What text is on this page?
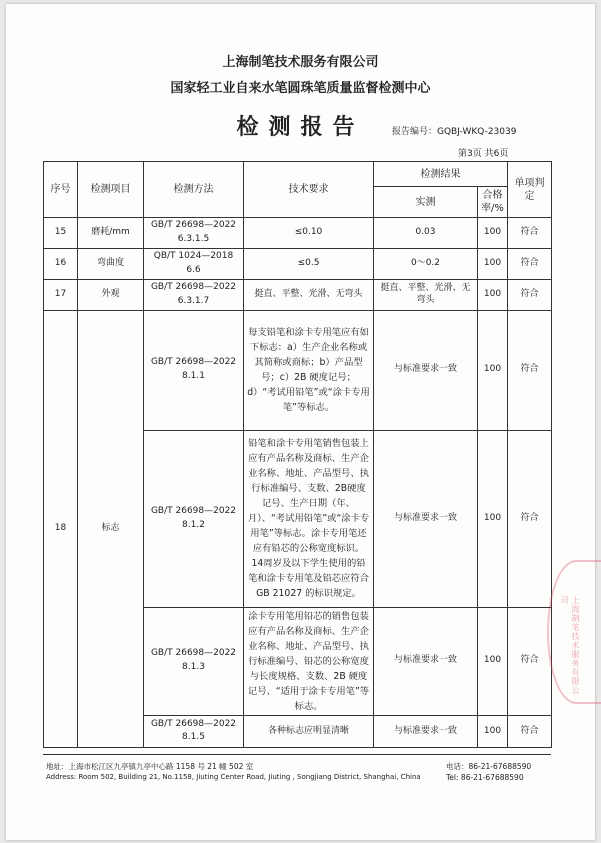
上海制笔技术服务有限公司
国家轻工业自来水笔圆珠笔质量监督检测中心
检测报告	报告编号：GQBJ-WKQ-23039
第3页 共6页
序号	检测项目	检测方法	技术要求	检测结果		单项判定
				实测	合格率/%	
15	磨耗/mm	GB/T 26698—2022
6.3.1.5	≤0.10	0.03	100	符合
16	弯曲度	QB/T 1024—2018
6.6	≤0.5	0～0.2	100	符合
17	外观	GB/T 26698—2022
6.3.1.7	挺直、平整、光滑、无弯头	挺直、平整、光滑、无弯头	100	符合
18	标志	GB/T 26698—2022
8.1.1	每支铅笔和涂卡专用笔应有如下标志：a）生产企业名称或其简称或商标；b）产品型号；c）2B 硬度记号；d）“考试用铅笔”或“涂卡专用笔”等标志。	与标准要求一致	100	符合

		GB/T 26698—2022
8.1.2	铅笔和涂卡专用笔销售包装上应有产品名称及商标、生产企业名称、地址、产品型号、执行标准编号、支数、2B硬度记号、生产日期（年、月）、“考试用铅笔”或“涂卡专用笔”等标志。涂卡专用笔还应有铅芯的公称宽度标识。14周岁及以下学生使用的铅笔和涂卡专用笔及铅芯应符合 GB 21027 的标识规定。	与标准要求一致	100	符合

		GB/T 26698—2022
8.1.3	涂卡专用笔用铅芯的销售包装应有产品名称及商标、生产企业名称、地址、产品型号、执行标准编号、铅芯的公称宽度与长度规格、支数、2B 硬度记号、“适用于涂卡专用笔”等标志。	与标准要求一致	100	符合

		GB/T 26698—2022
8.1.5	各种标志应明显清晰	与标准要求一致	100	符合
上海制笔技术服务有限公司
地址：上海市松江区九亭镇九亭中心路 1158 号 21 幢 502 室	电话：86-21-67688590
Address: Room 502, Building 21, No.1158, Jiuting Center Road, Jiuting , Songjiang District, Shanghai, China	Tel: 86-21-67688590
